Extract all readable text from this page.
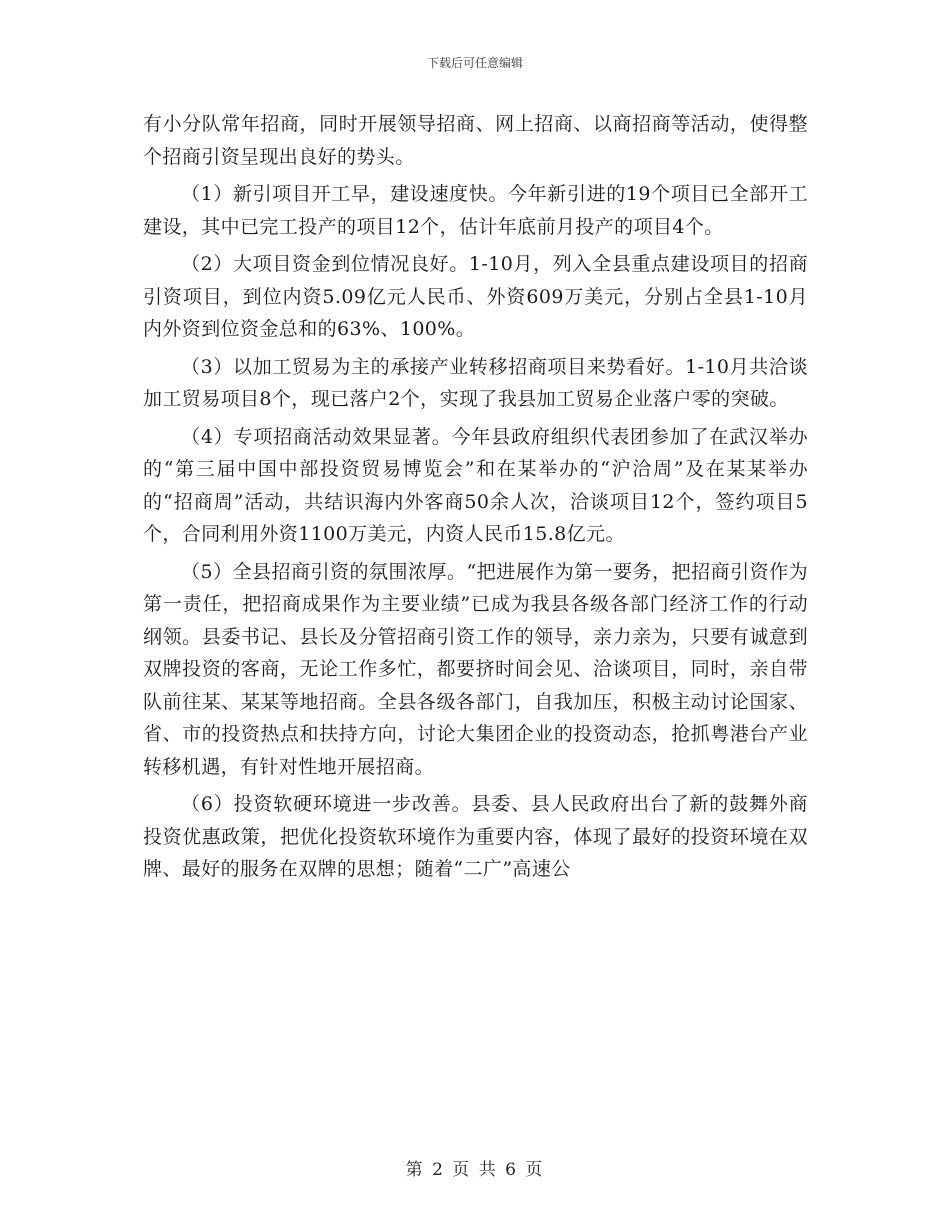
下载后可任意编辑

有小分队常年招商，同时开展领导招商、网上招商、以商招商等活动，使得整个招商引资呈现出良好的势头。

（1）新引项目开工早，建设速度快。今年新引进的19个项目已全部开工建设，其中已完工投产的项目12个，估计年底前月投产的项目4个。

（2）大项目资金到位情况良好。1-10月，列入全县重点建设项目的招商引资项目，到位内资5.09亿元人民币、外资609万美元，分别占全县1-10月内外资到位资金总和的63%、100%。

（3）以加工贸易为主的承接产业转移招商项目来势看好。1-10月共洽谈加工贸易项目8个，现已落户2个，实现了我县加工贸易企业落户零的突破。

（4）专项招商活动效果显著。今年县政府组织代表团参加了在武汉举办的“第三届中国中部投资贸易博览会”和在某举办的“沪洽周”及在某某举办的“招商周”活动，共结识海内外客商50余人次，洽谈项目12个，签约项目5个，合同利用外资1100万美元，内资人民币15.8亿元。

（5）全县招商引资的氛围浓厚。“把进展作为第一要务，把招商引资作为第一责任，把招商成果作为主要业绩”已成为我县各级各部门经济工作的行动纲领。县委书记、县长及分管招商引资工作的领导，亲力亲为，只要有诚意到双牌投资的客商，无论工作多忙，都要挤时间会见、洽谈项目，同时，亲自带队前往某、某某等地招商。全县各级各部门，自我加压，积极主动讨论国家、省、市的投资热点和扶持方向，讨论大集团企业的投资动态，抢抓粤港台产业转移机遇，有针对性地开展招商。

（6）投资软硬环境进一步改善。县委、县人民政府出台了新的鼓舞外商投资优惠政策，把优化投资软环境作为重要内容，体现了最好的投资环境在双牌、最好的服务在双牌的思想；随着“二广”高速公

第 2 页 共 6 页
